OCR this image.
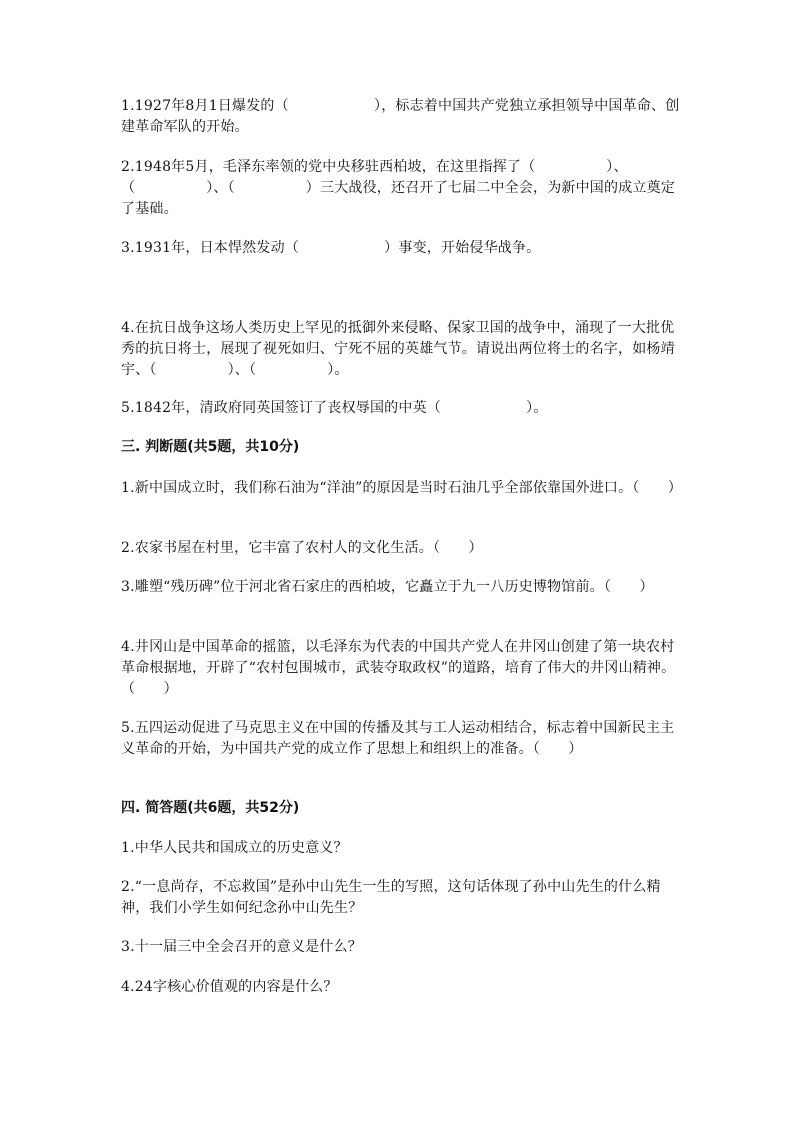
1.1927年8月1日爆发的（　　　　　　），标志着中国共产党独立承担领导中国革命、创建革命军队的开始。

2.1948年5月，毛泽东率领的党中央移驻西柏坡，在这里指挥了（　　　　　）、（　　　　　）、（　　　　　）三大战役，还召开了七届二中全会，为新中国的成立奠定了基础。

3.1931年，日本悍然发动（　　　　　　）事变，开始侵华战争。

4.在抗日战争这场人类历史上罕见的抵御外来侵略、保家卫国的战争中，涌现了一大批优秀的抗日将士，展现了视死如归、宁死不屈的英雄气节。请说出两位将士的名字，如杨靖宇、（　　　　　）、（　　　　　）。

5.1842年，清政府同英国签订了丧权辱国的中英（　　　　　　）。

三. 判断题(共5题，共10分)

1.新中国成立时，我们称石油为“洋油”的原因是当时石油几乎全部依靠国外进口。（　　）

2.农家书屋在村里，它丰富了农村人的文化生活。（　　）

3.雕塑“残历碑”位于河北省石家庄的西柏坡，它矗立于九一八历史博物馆前。（　　）

4.井冈山是中国革命的摇篮，以毛泽东为代表的中国共产党人在井冈山创建了第一块农村革命根据地，开辟了“农村包围城市，武装夺取政权”的道路，培育了伟大的井冈山精神。（　　）

5.五四运动促进了马克思主义在中国的传播及其与工人运动相结合，标志着中国新民主主义革命的开始，为中国共产党的成立作了思想上和组织上的准备。（　　）

四. 简答题(共6题，共52分)

1.中华人民共和国成立的历史意义？

2.“一息尚存，不忘救国”是孙中山先生一生的写照，这句话体现了孙中山先生的什么精神，我们小学生如何纪念孙中山先生？

3.十一届三中全会召开的意义是什么？

4.24字核心价值观的内容是什么？
